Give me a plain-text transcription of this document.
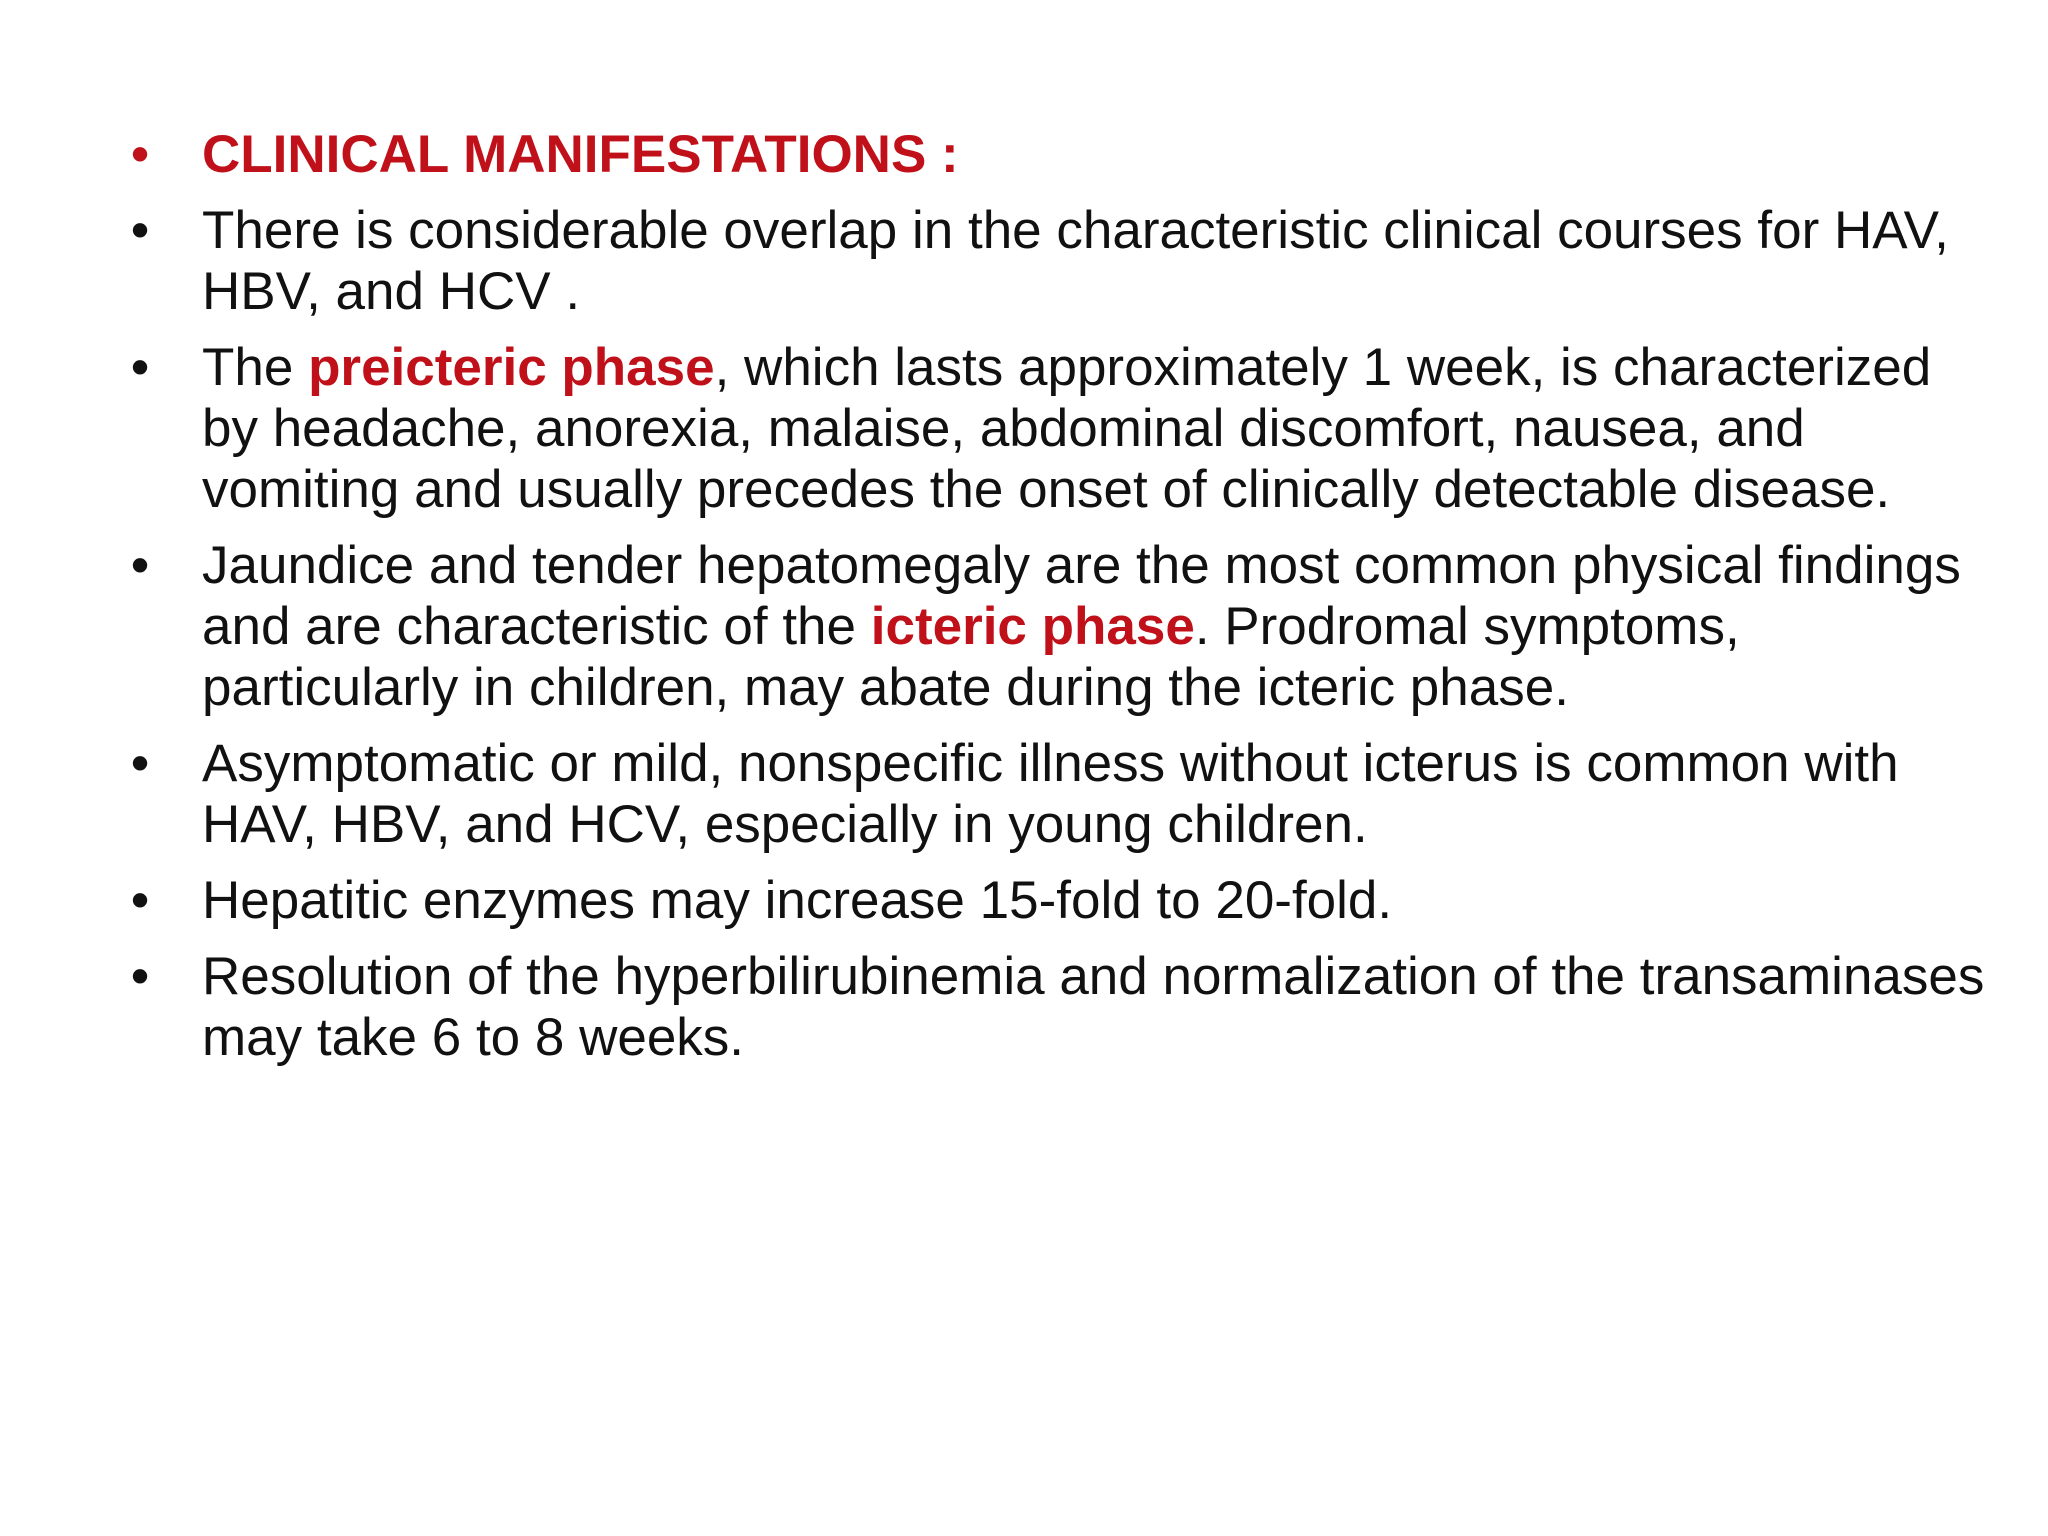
• CLINICAL MANIFESTATIONS :
• There is considerable overlap in the characteristic clinical courses for HAV, HBV, and HCV .
• The preicteric phase, which lasts approximately 1 week, is characterized by headache, anorexia, malaise, abdominal discomfort, nausea, and vomiting and usually precedes the onset of clinically detectable disease.
• Jaundice and tender hepatomegaly are the most common physical findings and are characteristic of the icteric phase. Prodromal symptoms, particularly in children, may abate during the icteric phase.
• Asymptomatic or mild, nonspecific illness without icterus is common with HAV, HBV, and HCV, especially in young children.
• Hepatitic enzymes may increase 15-fold to 20-fold.
• Resolution of the hyperbilirubinemia and normalization of the transaminases may take 6 to 8 weeks.
